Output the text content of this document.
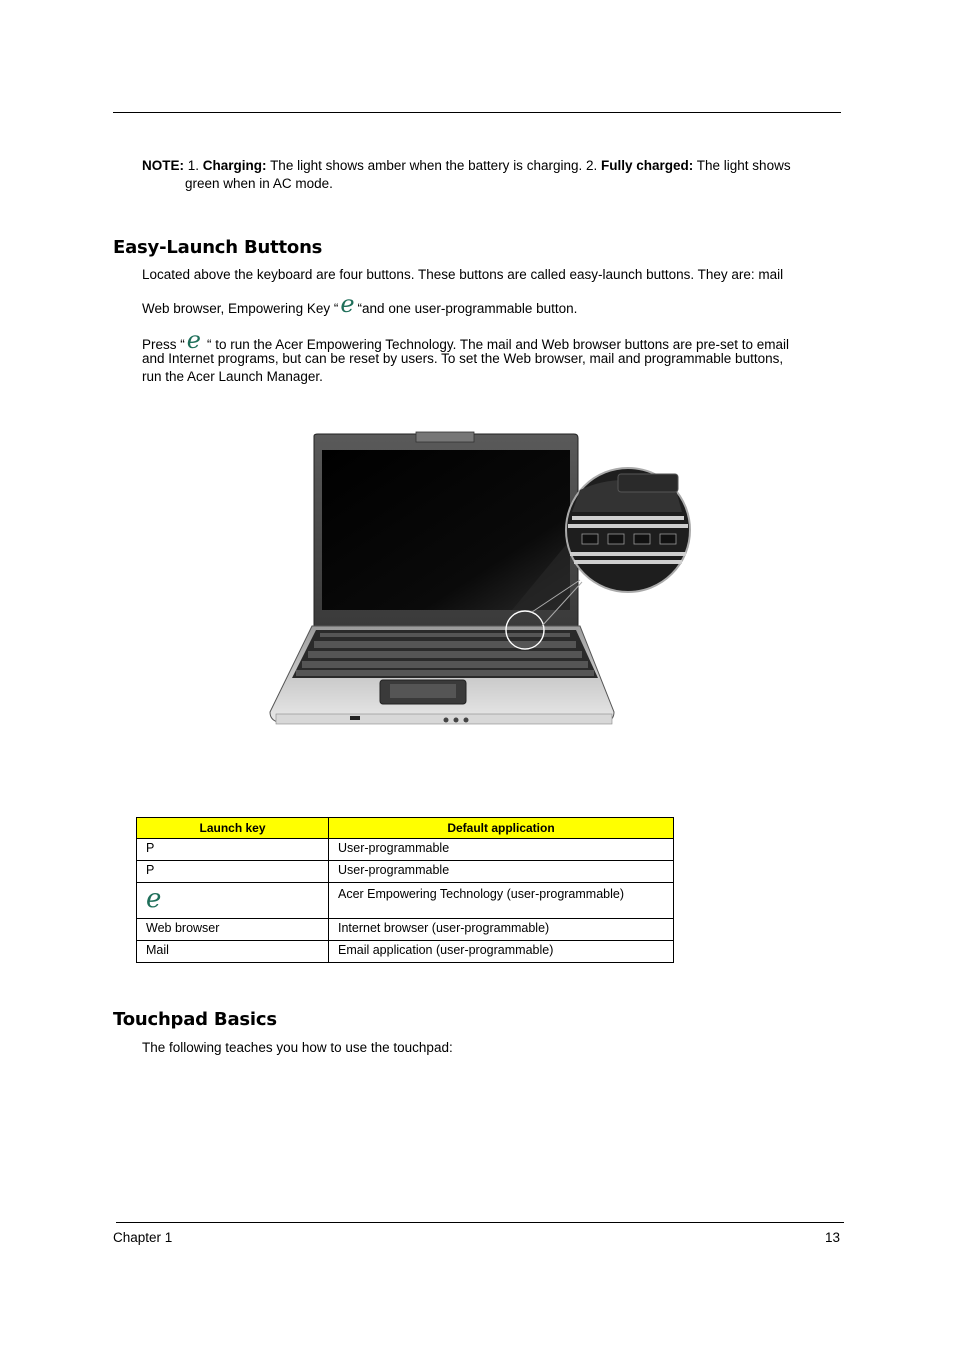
NOTE: 1. Charging: The light shows amber when the battery is charging. 2. Fully charged: The light shows
green when in AC mode.
Easy-Launch Buttons
Located above the keyboard are four buttons. These buttons are called easy-launch buttons. They are: mail
Web browser, Empowering Key “e “and one user-programmable button.
Press “e “ to run the Acer Empowering Technology. The mail and Web browser buttons are pre-set to email
and Internet programs, but can be reset by users. To set the Web browser, mail and programmable buttons,
run the Acer Launch Manager.
Launch key	Default application
P	User-programmable
P	User-programmable
e	Acer Empowering Technology (user-programmable)
Web browser	Internet browser (user-programmable)
Mail	Email application (user-programmable)
Touchpad Basics
The following teaches you how to use the touchpad:
Chapter 1	13
